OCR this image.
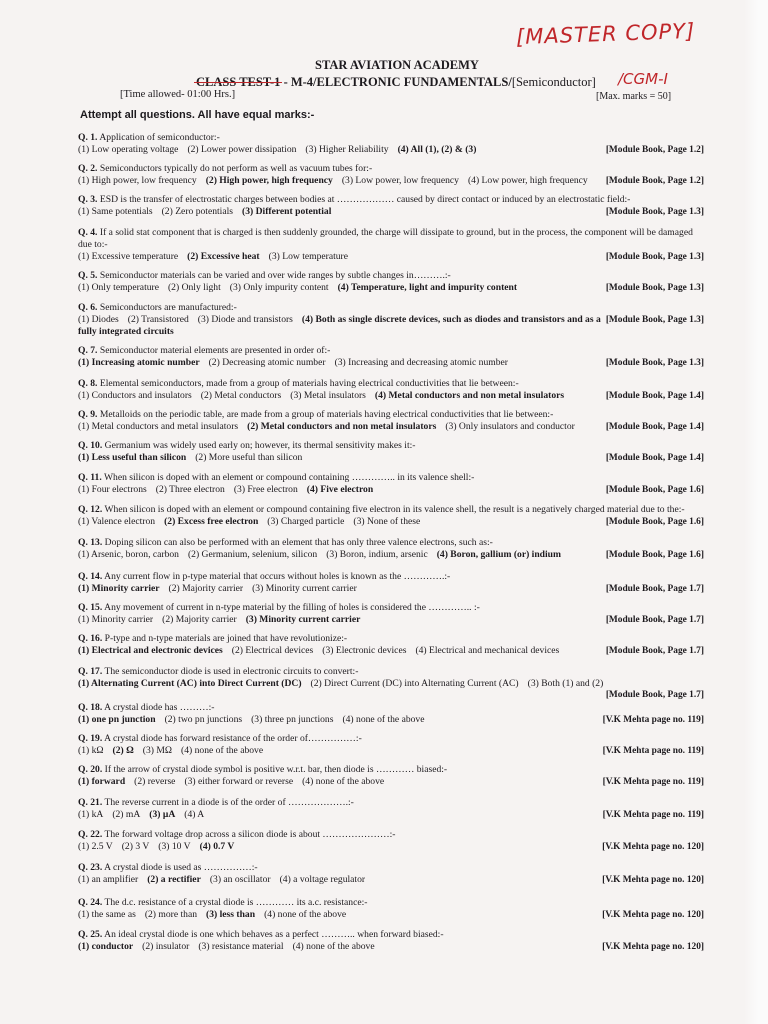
[MASTER COPY]
STAR AVIATION ACADEMY
CLASS TEST-1 - M-4/ELECTRONIC FUNDAMENTALS/[Semiconductor] /CGM-I
[Time allowed- 01:00 Hrs.]	[Max. marks = 50]
Attempt all questions. All have equal marks:-
Q. 1. Application of semiconductor:-
(1) Low operating voltage (2) Lower power dissipation (3) Higher Reliability (4) All (1), (2) & (3)	[Module Book, Page 1.2]
Q. 2. Semiconductors typically do not perform as well as vacuum tubes for:-
(1) High power, low frequency (2) High power, high frequency (3) Low power, low frequency (4) Low power, high frequency	[Module Book, Page 1.2]
Q. 3. ESD is the transfer of electrostatic charges between bodies at ……………… caused by direct contact or induced by an electrostatic field:-
(1) Same potentials (2) Zero potentials (3) Different potential	[Module Book, Page 1.3]
Q. 4. If a solid stat component that is charged is then suddenly grounded, the charge will dissipate to ground, but in the process, the component will be damaged due to:-
(1) Excessive temperature (2) Excessive heat (3) Low temperature	[Module Book, Page 1.3]
Q. 5. Semiconductor materials can be varied and over wide ranges by subtle changes in……….:-
(1) Only temperature (2) Only light (3) Only impurity content (4) Temperature, light and impurity content	[Module Book, Page 1.3]
Q. 6. Semiconductors are manufactured:-
(1) Diodes (2) Transistored (3) Diode and transistors (4) Both as single discrete devices, such as diodes and transistors and as a fully integrated circuits
[Module Book, Page 1.3]
Q. 7. Semiconductor material elements are presented in order of:-
(1) Increasing atomic number (2) Decreasing atomic number (3) Increasing and decreasing atomic number	[Module Book, Page 1.3]
Q. 8. Elemental semiconductors, made from a group of materials having electrical conductivities that lie between:-
(1) Conductors and insulators (2) Metal conductors (3) Metal insulators (4) Metal conductors and non metal insulators	[Module Book, Page 1.4]
Q. 9. Metalloids on the periodic table, are made from a group of materials having electrical conductivities that lie between:-
(1) Metal conductors and metal insulators (2) Metal conductors and non metal insulators (3) Only insulators and conductor	[Module Book, Page 1.4]
Q. 10. Germanium was widely used early on; however, its thermal sensitivity makes it:-
(1) Less useful than silicon (2) More useful than silicon	[Module Book, Page 1.4]
Q. 11. When silicon is doped with an element or compound containing ………….. in its valence shell:-
(1) Four electrons (2) Three electron (3) Free electron (4) Five electron	[Module Book, Page 1.6]
Q. 12. When silicon is doped with an element or compound containing five electron in its valence shell, the result is a negatively charged material due to the:-
(1) Valence electron (2) Excess free electron (3) Charged particle (3) None of these	[Module Book, Page 1.6]
Q. 13. Doping silicon can also be performed with an element that has only three valence electrons, such as:-
(1) Arsenic, boron, carbon (2) Germanium, selenium, silicon (3) Boron, indium, arsenic (4) Boron, gallium (or) indium	[Module Book, Page 1.6]
Q. 14. Any current flow in p-type material that occurs without holes is known as the ………….:-
(1) Minority carrier (2) Majority carrier (3) Minority current carrier	[Module Book, Page 1.7]
Q. 15. Any movement of current in n-type material by the filling of holes is considered the ………….. :-
(1) Minority carrier (2) Majority carrier (3) Minority current carrier	[Module Book, Page 1.7]
Q. 16. P-type and n-type materials are joined that have revolutionize:-
(1) Electrical and electronic devices (2) Electrical devices (3) Electronic devices (4) Electrical and mechanical devices	[Module Book, Page 1.7]
Q. 17. The semiconductor diode is used in electronic circuits to convert:-
(1) Alternating Current (AC) into Direct Current (DC) (2) Direct Current (DC) into Alternating Current (AC) (3) Both (1) and (2)
[Module Book, Page 1.7]
Q. 18. A crystal diode has ………:-
(1) one pn junction (2) two pn junctions (3) three pn junctions (4) none of the above	[V.K Mehta page no. 119]
Q. 19. A crystal diode has forward resistance of the order of……………:-
(1) kΩ (2) Ω (3) MΩ (4) none of the above	[V.K Mehta page no. 119]
Q. 20. If the arrow of crystal diode symbol is positive w.r.t. bar, then diode is ………… biased:-
(1) forward (2) reverse (3) either forward or reverse (4) none of the above	[V.K Mehta page no. 119]
Q. 21. The reverse current in a diode is of the order of ……………….:-
(1) kA (2) mA (3) μA (4) A	[V.K Mehta page no. 119]
Q. 22. The forward voltage drop across a silicon diode is about …………………:-
(1) 2.5 V (2) 3 V (3) 10 V (4) 0.7 V	[V.K Mehta page no. 120]
Q. 23. A crystal diode is used as ……………:-
(1) an amplifier (2) a rectifier (3) an oscillator (4) a voltage regulator	[V.K Mehta page no. 120]
Q. 24. The d.c. resistance of a crystal diode is ………… its a.c. resistance:-
(1) the same as (2) more than (3) less than (4) none of the above	[V.K Mehta page no. 120]
Q. 25. An ideal crystal diode is one which behaves as a perfect ……….. when forward biased:-
(1) conductor (2) insulator (3) resistance material (4) none of the above	[V.K Mehta page no. 120]
